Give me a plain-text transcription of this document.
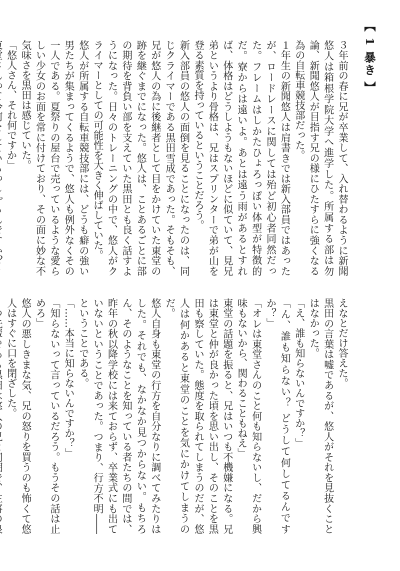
【 1 暴き 】

３年前の春に兄が卒業して、入れ替わるように新聞悠人は箱根学院大学へ進学した。所属する部は勿論、新聞悠人が目指す兄の様にひたすらに強くなる為の自転車競技部だった。

１年生の新聞悠人は肩書きでは新入部員ではあったが、ロードレースに関しては殆ど初心者同然だった。フレームはしかたひょろっぽい体型が特徴的だ。寮からは遠いよ。あとは遠う雨があるとすれば、体格はどうしようもないほどに似ていて、見兄弟というより骨格は、兄はスプリンターで弟が山を登る素質を持っているということだろう。

新入部員の悠人の面倒を見ることになったのは、同じクライマーである黒田雪成であった。そもそも、兄が悠人の為に後継者として目をかけていた東堂の跡を継ぐまでになった。悠人は、ことあるごとに部の期待を背負い部を支えていた黒田とも良く話すようになった。日々のトレーニングの中で、悠人がクライマーとしての可能性を大きく伸ばしていた。

悠人が所属する自転車競技部には、どうも癖の強い男たちが集まってくるようで、悠人も例外なくその一人である。夏祭りの屋台で売っているような愛らしい少女のお面を常に付けており、その面に妙な不気味さを黒田は感じていた。

「悠人さん、それ何ですか」

えなとだけ答えた。

黒田の言葉は嘘であるが、悠人がそれを見抜くことはなかった。

「え、誰も知らないんですか？」

「ん、誰も知らない？ どうして何してるんですか？」

「オレは東堂さんのこと何も知らないし、だから興味もないから、関わることもねえ」

東堂の話題を振ると、兄はいつも不機嫌になる。兄は東堂と仲が良かった頃を思い出し、そのことを黒田も察していた。態度を取られてしまうのだが、悠人は何かあると東堂のことを気にかけてしまうのだ。

悠人自身も東堂の行方を自分なりに調べてみたりはした。それでも、なかなか見つからない。もちろん、そのようなことを知っている者たちの間では、昨年の秋以降学校には来ておらず、卒業式にも出ていないということであった。つまり、行方不明――ということである。

「……本当に知らないんですか？」

「知らないって言っているだろう。もうその話は止めろ」

悠人の悪しきまな気、兄の怒りを買うのも怖くて悠人はすぐに口を閉ざした。
